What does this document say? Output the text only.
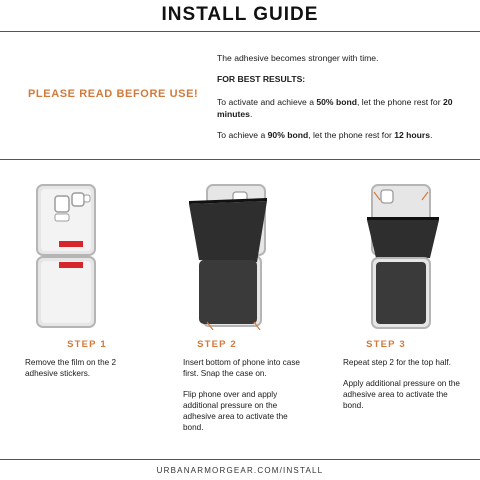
INSTALL GUIDE
PLEASE READ BEFORE USE!

The adhesive becomes stronger with time.

FOR BEST RESULTS:

To activate and achieve a 50% bond, let the phone rest for 20 minutes.

To achieve a 90% bond, let the phone rest for 12 hours.

STEP 1

Remove the film on the 2 adhesive stickers.

STEP 2

Insert bottom of phone into case first. Snap the case on.

Flip phone over and apply additional pressure on the adhesive area to activate the bond.

STEP 3

Repeat step 2 for the top half.

Apply additional pressure on the adhesive area to activate the bond.

URBANARMORGEAR.COM/INSTALL
